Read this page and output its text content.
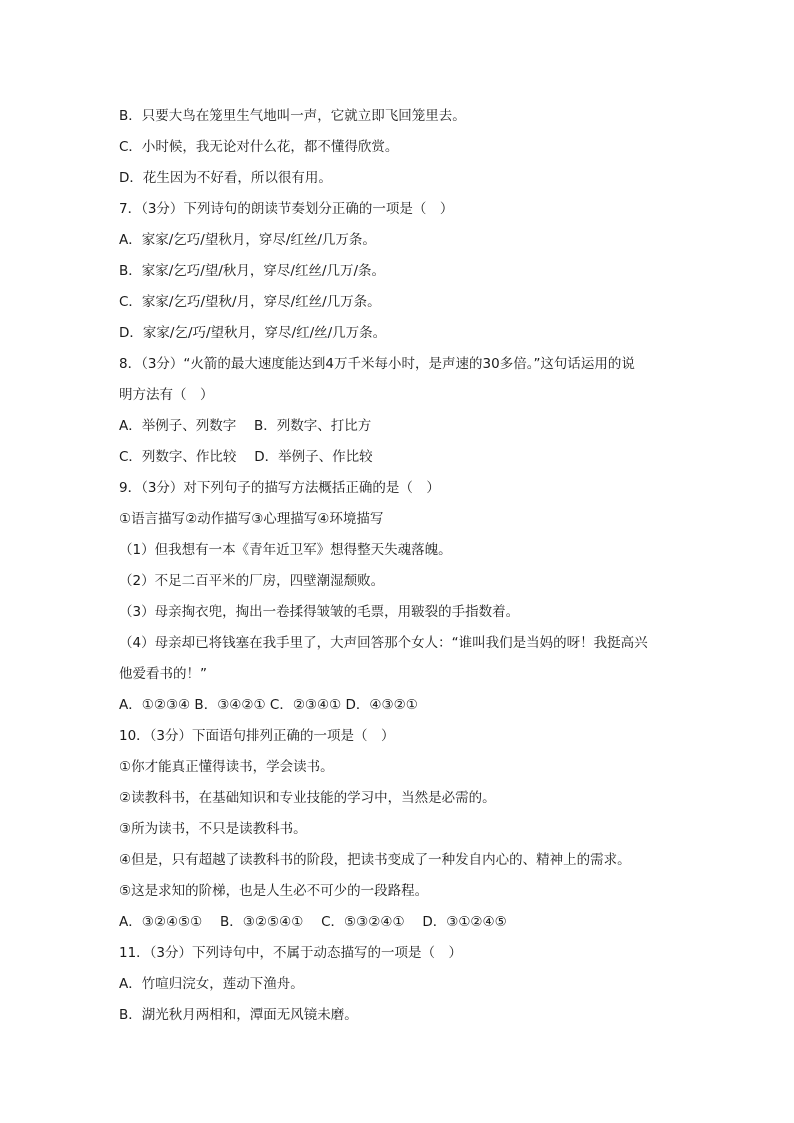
B．只要大鸟在笼里生气地叫一声，它就立即飞回笼里去。
C．小时候，我无论对什么花，都不懂得欣赏。
D．花生因为不好看，所以很有用。
7．（3分）下列诗句的朗读节奏划分正确的一项是（　）
A．家家/乞巧/望秋月，穿尽/红丝/几万条。
B．家家/乞巧/望/秋月，穿尽/红丝/几万/条。
C．家家/乞巧/望秋/月，穿尽/红丝/几万条。
D．家家/乞/巧/望秋月，穿尽/红/丝/几万条。
8．（3分）“火箭的最大速度能达到4万千米每小时，是声速的30多倍。”这句话运用的说
明方法有（　）
A．举例子、列数字　 B．列数字、打比方
C．列数字、作比较　 D．举例子、作比较
9．（3分）对下列句子的描写方法概括正确的是（　）
①语言描写②动作描写③心理描写④环境描写
（1）但我想有一本《青年近卫军》想得整天失魂落魄。
（2）不足二百平米的厂房，四壁潮湿颓败。
（3）母亲掏衣兜，掏出一卷揉得皱皱的毛票，用皲裂的手指数着。
（4）母亲却已将钱塞在我手里了，大声回答那个女人：“谁叫我们是当妈的呀！我挺高兴
他爱看书的！”
A．①②③④ B．③④②① C．②③④① D．④③②①
10．（3分）下面语句排列正确的一项是（　）
①你才能真正懂得读书，学会读书。
②读教科书，在基础知识和专业技能的学习中，当然是必需的。
③所为读书，不只是读教科书。
④但是，只有超越了读教科书的阶段，把读书变成了一种发自内心的、精神上的需求。
⑤这是求知的阶梯，也是人生必不可少的一段路程。
A．③②④⑤①　 B．③②⑤④①　 C．⑤③②④①　 D．③①②④⑤
11．（3分）下列诗句中，不属于动态描写的一项是（　）
A．竹喧归浣女，莲动下渔舟。
B．湖光秋月两相和，潭面无风镜未磨。
